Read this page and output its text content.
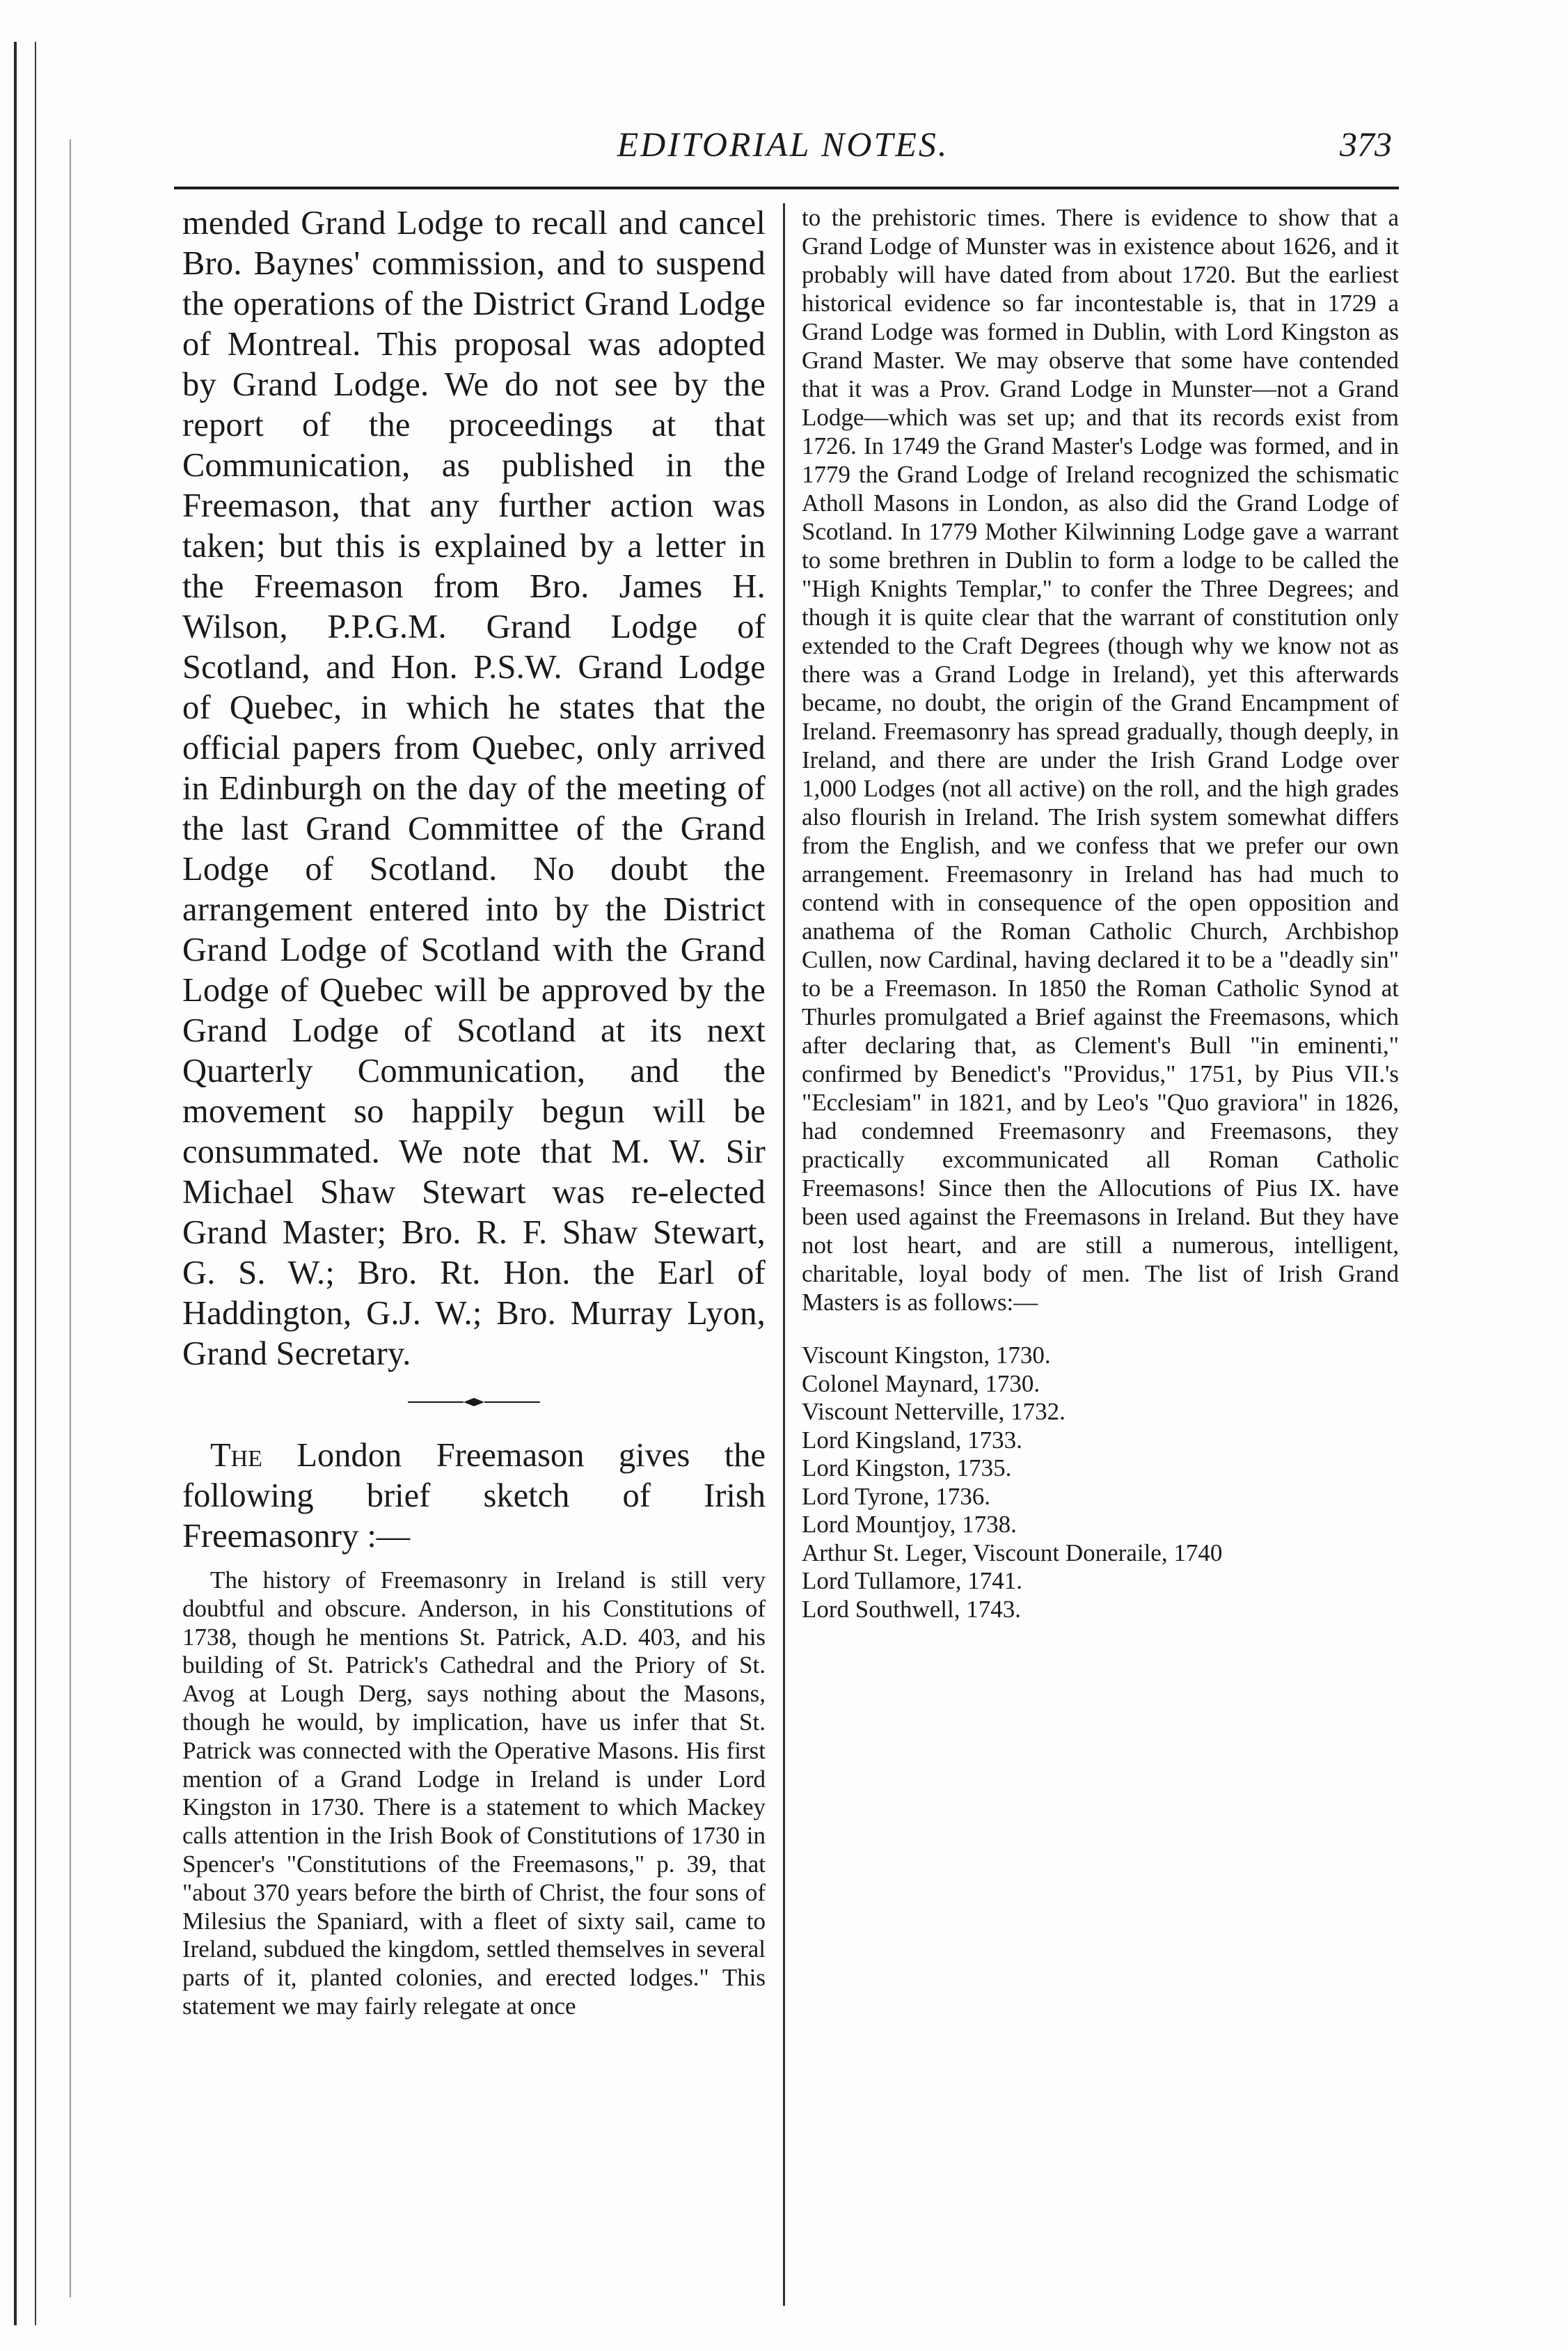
EDITORIAL NOTES.	373

mended Grand Lodge to recall and cancel Bro. Baynes' commission, and to suspend the operations of the District Grand Lodge of Montreal. This proposal was adopted by Grand Lodge. We do not see by the report of the proceedings at that Communication, as published in the Freemason, that any further action was taken; but this is explained by a letter in the Freemason from Bro. James H. Wilson, P.P.G.M. Grand Lodge of Scotland, and Hon. P.S.W. Grand Lodge of Quebec, in which he states that the official papers from Quebec, only arrived in Edinburgh on the day of the meeting of the last Grand Committee of the Grand Lodge of Scotland. No doubt the arrangement entered into by the District Grand Lodge of Scotland with the Grand Lodge of Quebec will be approved by the Grand Lodge of Scotland at its next Quarterly Communication, and the movement so happily begun will be consummated. We note that M. W. Sir Michael Shaw Stewart was re-elected Grand Master; Bro. R. F. Shaw Stewart, G. S. W.; Bro. Rt. Hon. the Earl of Haddington, G.J. W.; Bro. Murray Lyon, Grand Secretary.

The London Freemason gives the following brief sketch of Irish Freemasonry :—

The history of Freemasonry in Ireland is still very doubtful and obscure. Anderson, in his Constitutions of 1738, though he mentions St. Patrick, A.D. 403, and his building of St. Patrick's Cathedral and the Priory of St. Avog at Lough Derg, says nothing about the Masons, though he would, by implication, have us infer that St. Patrick was connected with the Operative Masons. His first mention of a Grand Lodge in Ireland is under Lord Kingston in 1730. There is a statement to which Mackey calls attention in the Irish Book of Constitutions of 1730 in Spencer's "Constitutions of the Freemasons," p. 39, that "about 370 years before the birth of Christ, the four sons of Milesius the Spaniard, with a fleet of sixty sail, came to Ireland, subdued the kingdom, settled themselves in several parts of it, planted colonies, and erected lodges." This statement we may fairly relegate at once

to the prehistoric times. There is evidence to show that a Grand Lodge of Munster was in existence about 1626, and it probably will have dated from about 1720. But the earliest historical evidence so far incontestable is, that in 1729 a Grand Lodge was formed in Dublin, with Lord Kingston as Grand Master. We may observe that some have contended that it was a Prov. Grand Lodge in Munster—not a Grand Lodge—which was set up; and that its records exist from 1726. In 1749 the Grand Master's Lodge was formed, and in 1779 the Grand Lodge of Ireland recognized the schismatic Atholl Masons in London, as also did the Grand Lodge of Scotland. In 1779 Mother Kilwinning Lodge gave a warrant to some brethren in Dublin to form a lodge to be called the "High Knights Templar," to confer the Three Degrees; and though it is quite clear that the warrant of constitution only extended to the Craft Degrees (though why we know not as there was a Grand Lodge in Ireland), yet this afterwards became, no doubt, the origin of the Grand Encampment of Ireland. Freemasonry has spread gradually, though deeply, in Ireland, and there are under the Irish Grand Lodge over 1,000 Lodges (not all active) on the roll, and the high grades also flourish in Ireland. The Irish system somewhat differs from the English, and we confess that we prefer our own arrangement. Freemasonry in Ireland has had much to contend with in consequence of the open opposition and anathema of the Roman Catholic Church, Archbishop Cullen, now Cardinal, having declared it to be a "deadly sin" to be a Freemason. In 1850 the Roman Catholic Synod at Thurles promulgated a Brief against the Freemasons, which after declaring that, as Clement's Bull "in eminenti," confirmed by Benedict's "Providus," 1751, by Pius VII.'s "Ecclesiam" in 1821, and by Leo's "Quo graviora" in 1826, had condemned Freemasonry and Freemasons, they practically excommunicated all Roman Catholic Freemasons! Since then the Allocutions of Pius IX. have been used against the Freemasons in Ireland. But they have not lost heart, and are still a numerous, intelligent, charitable, loyal body of men. The list of Irish Grand Masters is as follows:—

Viscount Kingston, 1730.
Colonel Maynard, 1730.
Viscount Netterville, 1732.
Lord Kingsland, 1733.
Lord Kingston, 1735.
Lord Tyrone, 1736.
Lord Mountjoy, 1738.
Arthur St. Leger, Viscount Doneraile, 1740
Lord Tullamore, 1741.
Lord Southwell, 1743.
